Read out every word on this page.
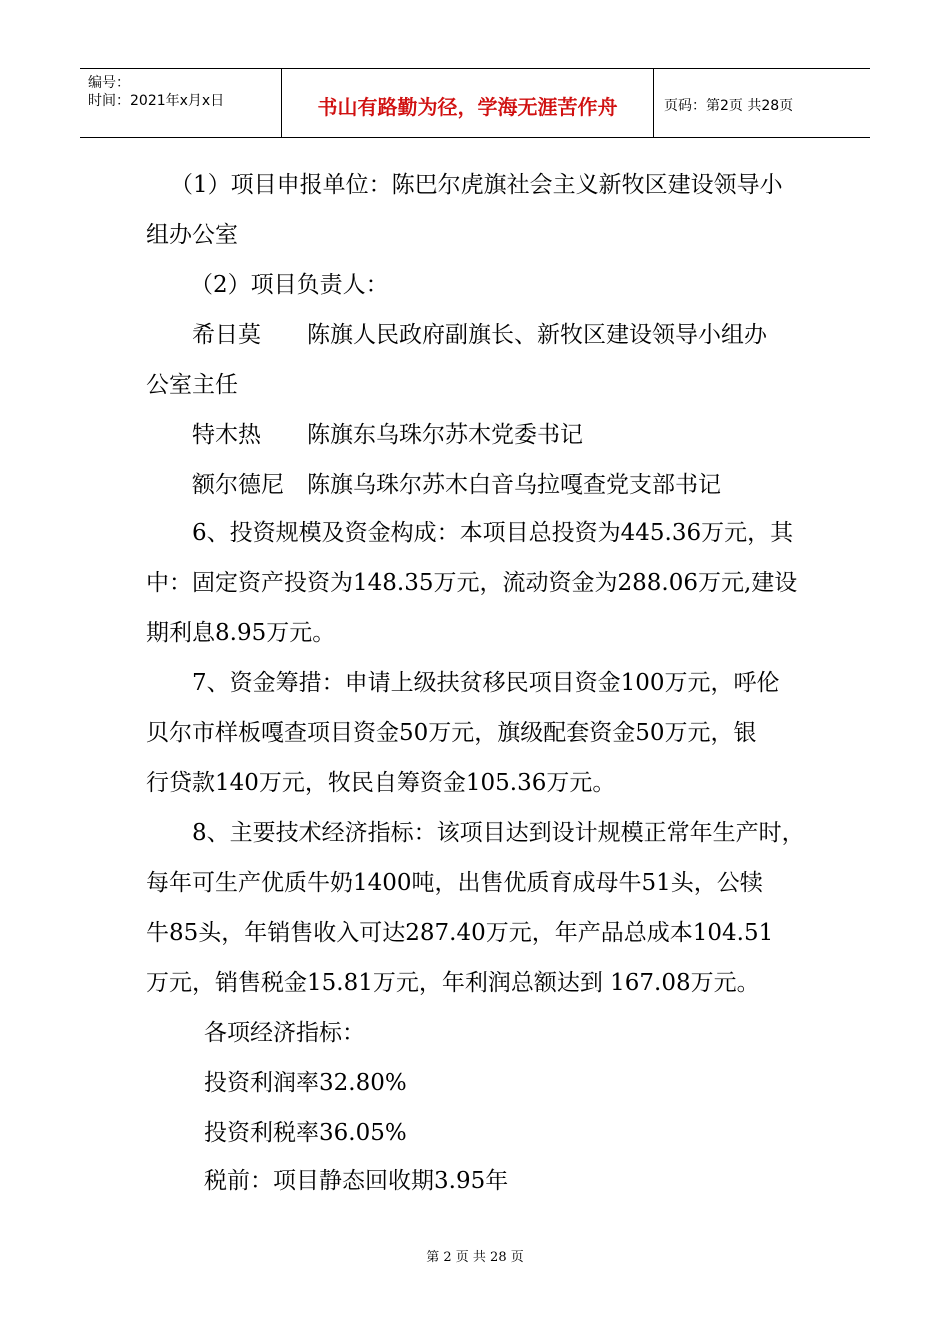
编号：
时间：2021年x月x日	书山有路勤为径，学海无涯苦作舟	页码：第2页 共28页
（1）项目申报单位：陈巴尔虎旗社会主义新牧区建设领导小
组办公室
（2）项目负责人：
希日莫　　陈旗人民政府副旗长、新牧区建设领导小组办
公室主任
特木热　　陈旗东乌珠尔苏木党委书记
额尔德尼　陈旗乌珠尔苏木白音乌拉嘎查党支部书记
6、投资规模及资金构成：本项目总投资为445.36万元，其
中：固定资产投资为148.35万元，流动资金为288.06万元,建设
期利息8.95万元。
7、资金筹措：申请上级扶贫移民项目资金100万元，呼伦
贝尔市样板嘎查项目资金50万元，旗级配套资金50万元，银
行贷款140万元，牧民自筹资金105.36万元。
8、主要技术经济指标：该项目达到设计规模正常年生产时，
每年可生产优质牛奶1400吨，出售优质育成母牛51头，公犊
牛85头，年销售收入可达287.40万元，年产品总成本104.51
万元，销售税金15.81万元，年利润总额达到 167.08万元。
各项经济指标：
投资利润率32.80%
投资利税率36.05%
税前：项目静态回收期3.95年
第 2 页 共 28 页
